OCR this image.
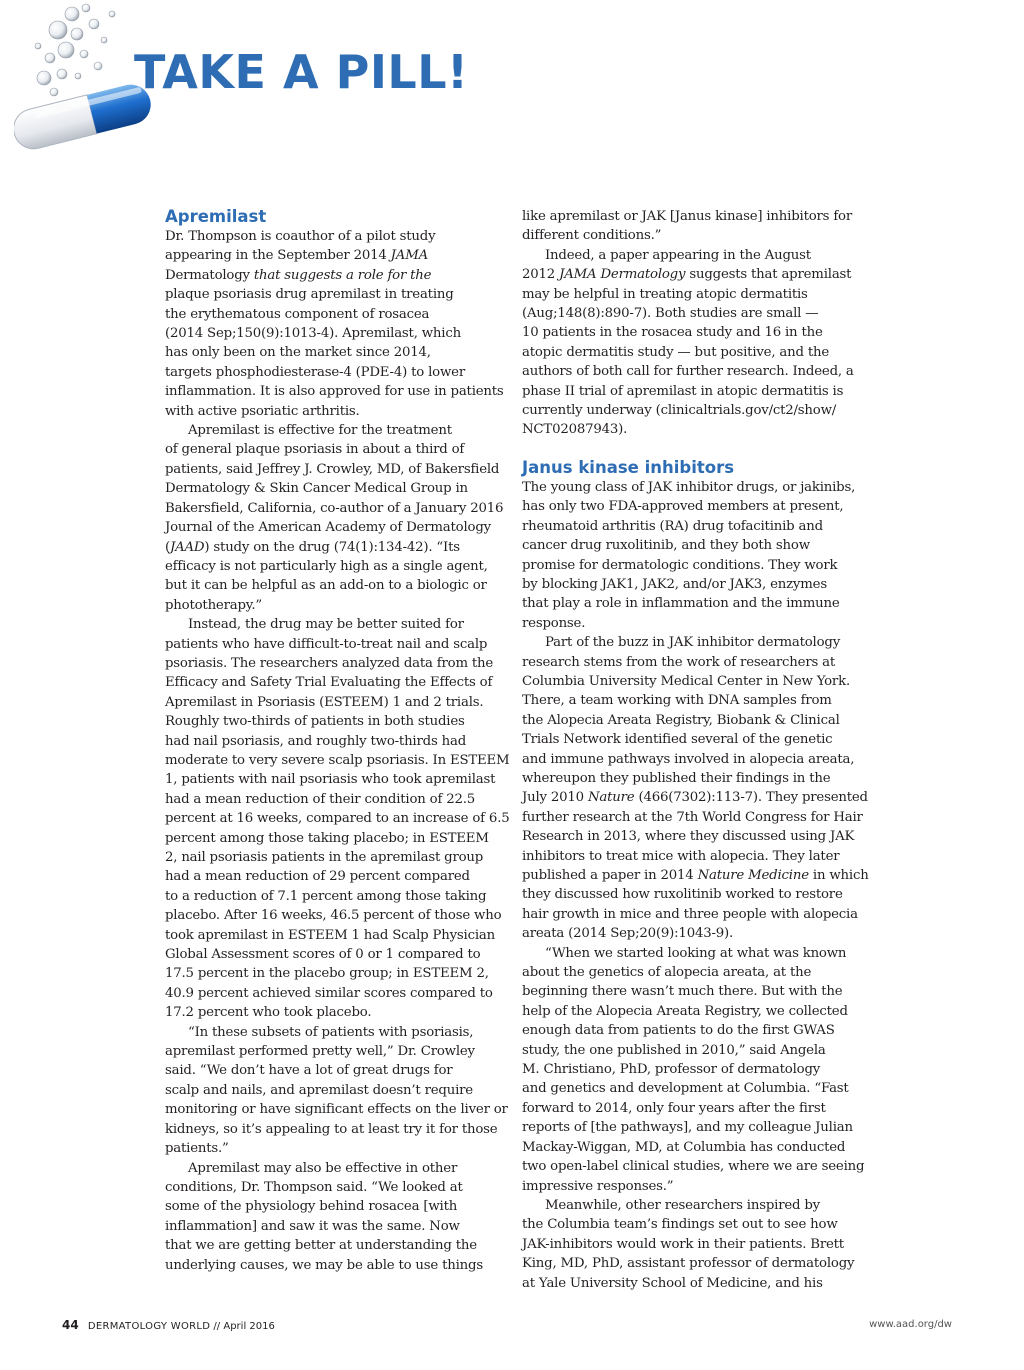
TAKE A PILL!
Apremilast
Dr. Thompson is coauthor of a pilot study
appearing in the September 2014 JAMA
Dermatology that suggests a role for the
plaque psoriasis drug apremilast in treating
the erythematous component of rosacea
(2014 Sep;150(9):1013-4). Apremilast, which
has only been on the market since 2014,
targets phosphodiesterase-4 (PDE-4) to lower
inflammation. It is also approved for use in patients
with active psoriatic arthritis.
Apremilast is effective for the treatment
of general plaque psoriasis in about a third of
patients, said Jeffrey J. Crowley, MD, of Bakersfield
Dermatology & Skin Cancer Medical Group in
Bakersfield, California, co-author of a January 2016
Journal of the American Academy of Dermatology
(JAAD) study on the drug (74(1):134-42). “Its
efficacy is not particularly high as a single agent,
but it can be helpful as an add-on to a biologic or
phototherapy.”
Instead, the drug may be better suited for
patients who have difficult-to-treat nail and scalp
psoriasis. The researchers analyzed data from the
Efficacy and Safety Trial Evaluating the Effects of
Apremilast in Psoriasis (ESTEEM) 1 and 2 trials.
Roughly two-thirds of patients in both studies
had nail psoriasis, and roughly two-thirds had
moderate to very severe scalp psoriasis. In ESTEEM
1, patients with nail psoriasis who took apremilast
had a mean reduction of their condition of 22.5
percent at 16 weeks, compared to an increase of 6.5
percent among those taking placebo; in ESTEEM
2, nail psoriasis patients in the apremilast group
had a mean reduction of 29 percent compared
to a reduction of 7.1 percent among those taking
placebo. After 16 weeks, 46.5 percent of those who
took apremilast in ESTEEM 1 had Scalp Physician
Global Assessment scores of 0 or 1 compared to
17.5 percent in the placebo group; in ESTEEM 2,
40.9 percent achieved similar scores compared to
17.2 percent who took placebo.
“In these subsets of patients with psoriasis,
apremilast performed pretty well,” Dr. Crowley
said. “We don’t have a lot of great drugs for
scalp and nails, and apremilast doesn’t require
monitoring or have significant effects on the liver or
kidneys, so it’s appealing to at least try it for those
patients.”
Apremilast may also be effective in other
conditions, Dr. Thompson said. “We looked at
some of the physiology behind rosacea [with
inflammation] and saw it was the same. Now
that we are getting better at understanding the
underlying causes, we may be able to use things
like apremilast or JAK [Janus kinase] inhibitors for
different conditions.”
Indeed, a paper appearing in the August
2012 JAMA Dermatology suggests that apremilast
may be helpful in treating atopic dermatitis
(Aug;148(8):890-7). Both studies are small —
10 patients in the rosacea study and 16 in the
atopic dermatitis study — but positive, and the
authors of both call for further research. Indeed, a
phase II trial of apremilast in atopic dermatitis is
currently underway (clinicaltrials.gov/ct2/show/
NCT02087943).
Janus kinase inhibitors
The young class of JAK inhibitor drugs, or jakinibs,
has only two FDA-approved members at present,
rheumatoid arthritis (RA) drug tofacitinib and
cancer drug ruxolitinib, and they both show
promise for dermatologic conditions. They work
by blocking JAK1, JAK2, and/or JAK3, enzymes
that play a role in inflammation and the immune
response.
Part of the buzz in JAK inhibitor dermatology
research stems from the work of researchers at
Columbia University Medical Center in New York.
There, a team working with DNA samples from
the Alopecia Areata Registry, Biobank & Clinical
Trials Network identified several of the genetic
and immune pathways involved in alopecia areata,
whereupon they published their findings in the
July 2010 Nature (466(7302):113-7). They presented
further research at the 7th World Congress for Hair
Research in 2013, where they discussed using JAK
inhibitors to treat mice with alopecia. They later
published a paper in 2014 Nature Medicine in which
they discussed how ruxolitinib worked to restore
hair growth in mice and three people with alopecia
areata (2014 Sep;20(9):1043-9).
“When we started looking at what was known
about the genetics of alopecia areata, at the
beginning there wasn’t much there. But with the
help of the Alopecia Areata Registry, we collected
enough data from patients to do the first GWAS
study, the one published in 2010,” said Angela
M. Christiano, PhD, professor of dermatology
and genetics and development at Columbia. “Fast
forward to 2014, only four years after the first
reports of [the pathways], and my colleague Julian
Mackay-Wiggan, MD, at Columbia has conducted
two open-label clinical studies, where we are seeing
impressive responses.”
Meanwhile, other researchers inspired by
the Columbia team’s findings set out to see how
JAK-inhibitors would work in their patients. Brett
King, MD, PhD, assistant professor of dermatology
at Yale University School of Medicine, and his
44 DERMATOLOGY WORLD // April 2016	www.aad.org/dw
